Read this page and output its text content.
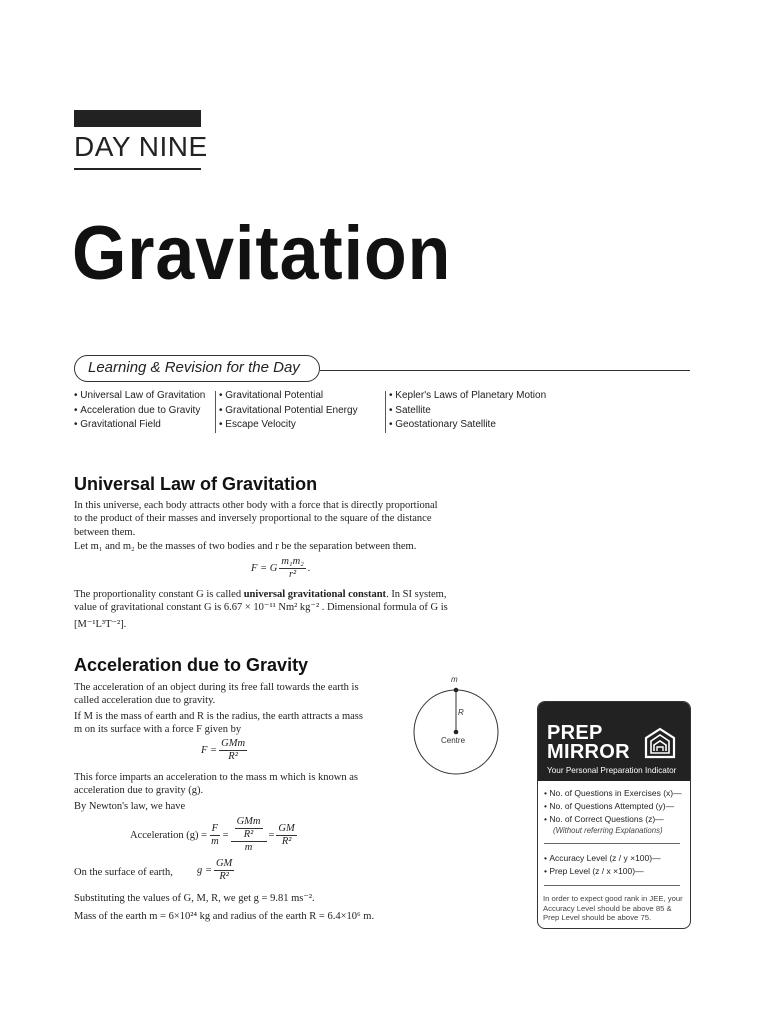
DAY NINE
Gravitation
Learning & Revision for the Day
• Universal Law of Gravitation
• Acceleration due to Gravity
• Gravitational Field
• Gravitational Potential
• Gravitational Potential Energy
• Escape Velocity
• Kepler's Laws of Planetary Motion
• Satellite
• Geostationary Satellite
Universal Law of Gravitation
In this universe, each body attracts other body with a force that is directly proportional
to the product of their masses and inversely proportional to the square of the distance
between them.
Let m₁ and m₂ be the masses of two bodies and r be the separation between them.
F = G $\frac{\text{m₁m₂}}{\text{r²}}$ .
The proportionality constant G is called universal gravitational constant. In SI system,
value of gravitational constant G is 6.67 × 10⁻¹¹ Nm² kg⁻² . Dimensional formula of G is
[M⁻¹L³T⁻²].
Acceleration due to Gravity
The acceleration of an object during its free fall towards the earth is
called acceleration due to gravity.
If M is the mass of earth and R is the radius, the earth attracts a mass
m on its surface with a force F given by
$F = \frac{\text{GMm}}{\text{R²}}$
This force imparts an acceleration to the mass m which is known as
acceleration due to gravity (g).
By Newton's law, we have
Acceleration $(g) = \frac{F}{m} = \frac{\frac{\text{GMm}}{\text{R²}}}{m} = \frac{GM}{\text{R²}}$
On the surface of earth, $g = \frac{GM}{\text{R²}}$
Substituting the values of G, M, R, we get g = 9.81 ms⁻².
Mass of the earth m = 6×10²⁴ kg and radius of the earth R = 6.4×10⁶ m.
m
R
Centre	PREP
MIRROR
Your Personal Preparation Indicator
• No. of Questions in Exercises (x)—
• No. of Questions Attempted (y)—
• No. of Correct Questions (z)—
(Without referring Explanations)
• Accuracy Level (z / y ×100)—
• Prep Level (z / x ×100)—
In order to expect good rank in JEE, your Accuracy Level should be above 85 & Prep Level should be above 75.
